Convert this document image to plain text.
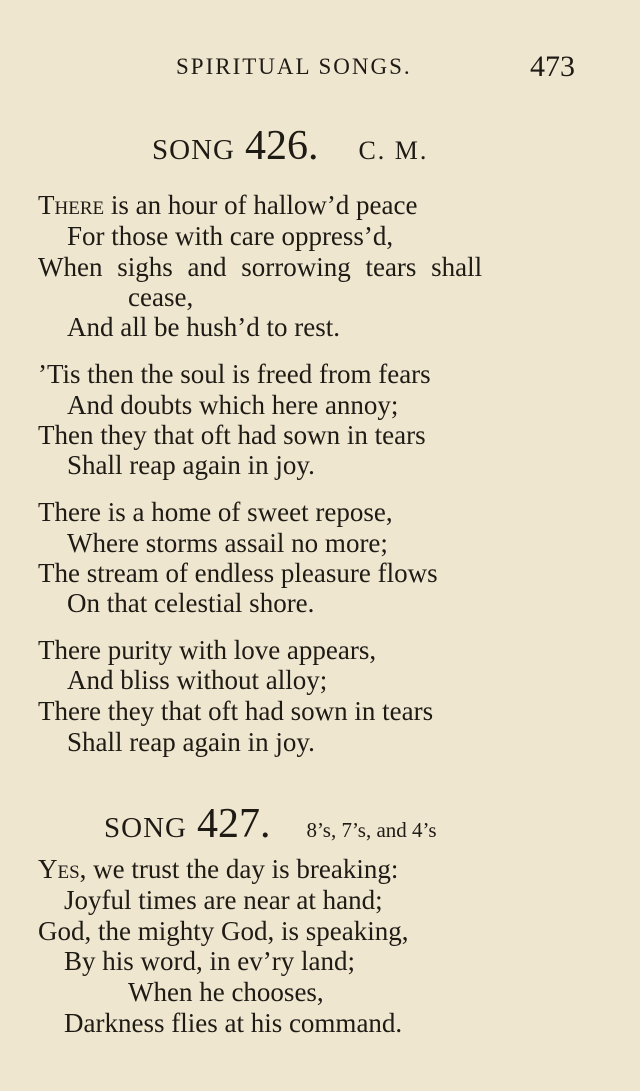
SPIRITUAL SONGS.	473
SONG 426. C. M.
There is an hour of hallow’d peace
For those with care oppress’d,
When sighs and sorrowing tears shall
cease,
And all be hush’d to rest.
’Tis then the soul is freed from fears
And doubts which here annoy;
Then they that oft had sown in tears
Shall reap again in joy.
There is a home of sweet repose,
Where storms assail no more;
The stream of endless pleasure flows
On that celestial shore.
There purity with love appears,
And bliss without alloy;
There they that oft had sown in tears
Shall reap again in joy.
SONG 427. 8’s, 7’s, and 4’s
Yes, we trust the day is breaking:
Joyful times are near at hand;
God, the mighty God, is speaking,
By his word, in ev’ry land;
When he chooses,
Darkness flies at his command.
